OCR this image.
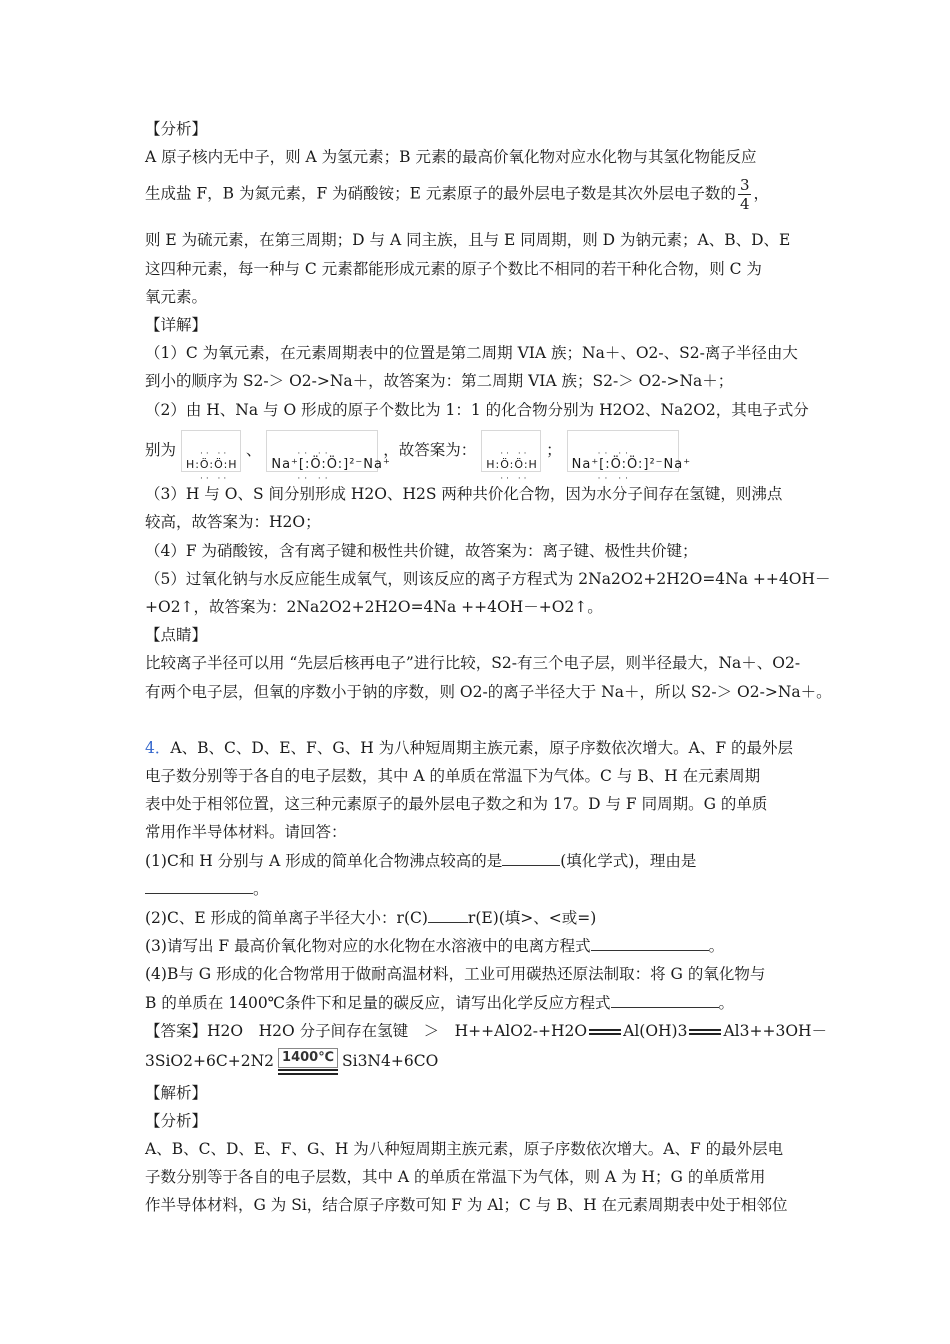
【分析】
A 原子核内无中子，则 A 为氢元素；B 元素的最高价氧化物对应水化物与其氢化物能反应
生成盐 F，B 为氮元素，F 为硝酸铵；E 元素原子的最外层电子数是其次外层电子数的 $\frac{3}{4}$ ，
则 E 为硫元素，在第三周期；D 与 A 同主族，且与 E 同周期，则 D 为钠元素；A、B、D、E
这四种元素，每一种与 C 元素都能形成元素的原子个数比不相同的若干种化合物，则 C 为
氧元素。
【详解】
（1）C 为氧元素，在元素周期表中的位置是第二周期 VIA 族；Na＋、O2-、S2-离子半径由大
到小的顺序为 S2-＞ O2->Na＋，故答案为：第二周期 VIA 族；S2-＞ O2->Na＋；
（2）由 H、Na 与 O 形成的原子个数比为 1：1 的化合物分别为 H2O2、Na2O2，其电子式分
别为	·· ··
H:Ö:Ö:H
·· ··
、	·· ··
Na⁺[:Ö:Ö:]²⁻Na⁺
·· ··
，故答案为：	·· ··
H:Ö:Ö:H
·· ··
；	·· ··
Na⁺[:Ö:Ö:]²⁻Na⁺
·· ··
（3）H 与 O、S 间分别形成 H2O、H2S 两种共价化合物，因为水分子间存在氢键，则沸点
较高，故答案为：H2O；
（4）F 为硝酸铵，含有离子键和极性共价键，故答案为：离子键、极性共价键；
（5）过氧化钠与水反应能生成氧气，则该反应的离子方程式为 2Na2O2+2H2O=4Na ++4OH－
+O2↑，故答案为：2Na2O2+2H2O=4Na ++4OH－+O2↑。
【点睛】
比较离子半径可以用 “先层后核再电子”进行比较，S2-有三个电子层，则半径最大，Na＋、O2-
有两个电子层，但氧的序数小于钠的序数，则 O2-的离子半径大于 Na＋，所以 S2-＞ O2->Na＋。
4．A、B、C、D、E、F、G、H 为八种短周期主族元素，原子序数依次增大。A、F 的最外层
电子数分别等于各自的电子层数，其中 A 的单质在常温下为气体。C 与 B、H 在元素周期
表中处于相邻位置，这三种元素原子的最外层电子数之和为 17。D 与 F 同周期。G 的单质
常用作半导体材料。请回答：
(1)C和 H 分别与 A 形成的简单化合物沸点较高的是	(填化学式)，理由是
。
(2)C、E 形成的简单离子半径大小：r(C)	r(E)(填>、<或=)
(3)请写出 F 最高价氧化物对应的水化物在水溶液中的电离方程式	。
(4)B与 G 形成的化合物常用于做耐高温材料，工业可用碳热还原法制取：将 G 的氧化物与
B 的单质在 1400℃条件下和足量的碳反应，请写出化学反应方程式	。
【答案】H2O　H2O 分子间存在氢键　＞　H++AlO2-+H2O Al(OH)3 Al3++3OH－
3SiO2+6C+2N2 1400℃ Si3N4+6CO
【解析】
【分析】
A、B、C、D、E、F、G、H 为八种短周期主族元素，原子序数依次增大。A、F 的最外层电
子数分别等于各自的电子层数，其中 A 的单质在常温下为气体，则 A 为 H；G 的单质常用
作半导体材料，G 为 Si，结合原子序数可知 F 为 Al；C 与 B、H 在元素周期表中处于相邻位
